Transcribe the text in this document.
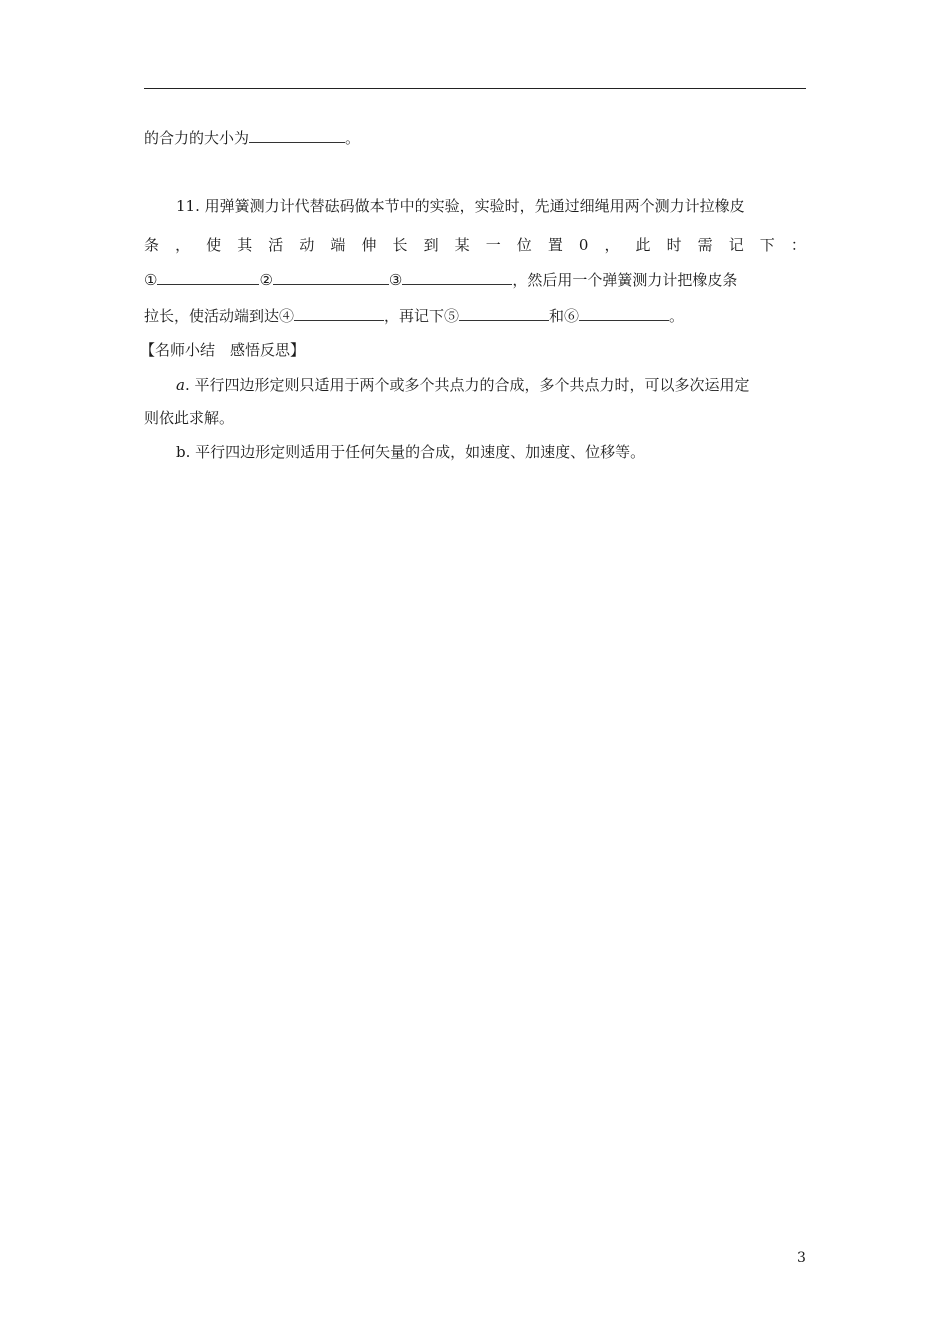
的合力的大小为	。
11. 用弹簧测力计代替砝码做本节中的实验，实验时，先通过细绳用两个测力计拉橡皮
条 ， 使 其 活 动 端 伸 长 到 某 一 位 置 0 ， 此 时 需 记 下 ：
①	②	③	，然后用一个弹簧测力计把橡皮条
拉长，使活动端到达④	，再记下⑤	和⑥	。
【名师小结　感悟反思】
a. 平行四边形定则只适用于两个或多个共点力的合成，多个共点力时，可以多次运用定
则依此求解。
b. 平行四边形定则适用于任何矢量的合成，如速度、加速度、位移等。
3
